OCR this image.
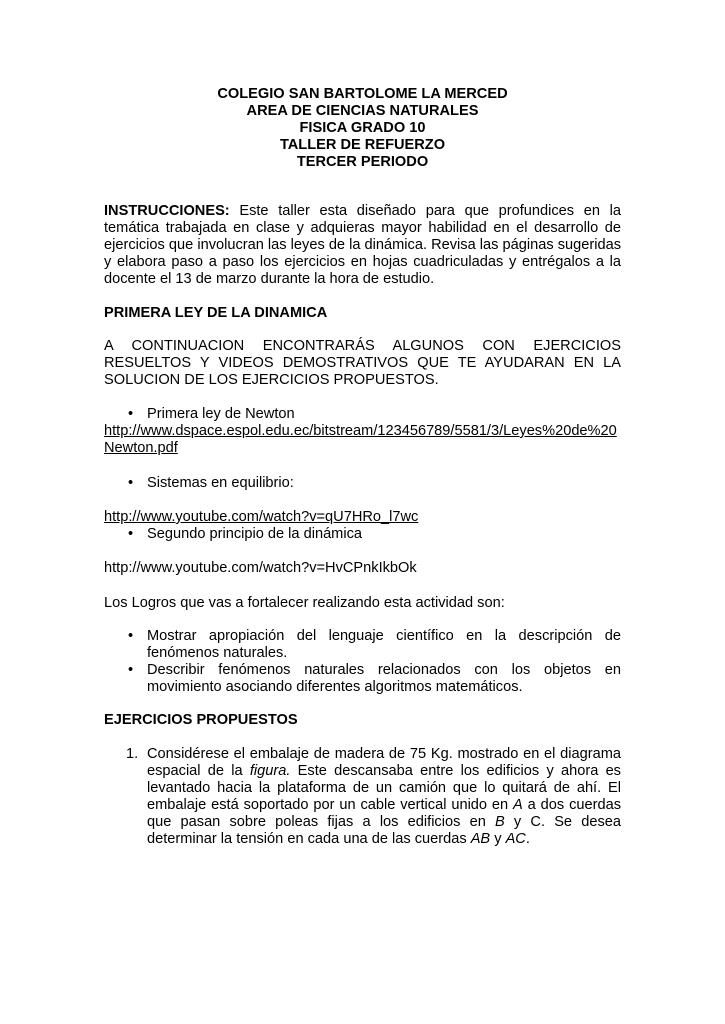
COLEGIO SAN BARTOLOME LA MERCED
AREA DE CIENCIAS NATURALES
FISICA GRADO 10
TALLER DE REFUERZO
TERCER PERIODO
INSTRUCCIONES: Este taller esta diseñado para que profundices en la temática trabajada en clase y adquieras mayor habilidad en el desarrollo de ejercicios que involucran las leyes de la dinámica. Revisa las páginas sugeridas y elabora paso a paso los ejercicios en hojas cuadriculadas y entrégalos a la docente el 13 de marzo durante la hora de estudio.
PRIMERA LEY DE LA DINAMICA
A CONTINUACION ENCONTRARÁS ALGUNOS CON EJERCICIOS RESUELTOS Y VIDEOS DEMOSTRATIVOS QUE TE AYUDARAN EN LA SOLUCION DE LOS EJERCICIOS PROPUESTOS.
• Primera ley de Newton
http://www.dspace.espol.edu.ec/bitstream/123456789/5581/3/Leyes%20de%20Newton.pdf
• Sistemas en equilibrio:
http://www.youtube.com/watch?v=qU7HRo_l7wc
• Segundo principio de la dinámica
http://www.youtube.com/watch?v=HvCPnkIkbOk
Los Logros que vas a fortalecer realizando esta actividad son:
• Mostrar apropiación del lenguaje científico en la descripción de fenómenos naturales.
• Describir fenómenos naturales relacionados con los objetos en movimiento asociando diferentes algoritmos matemáticos.
EJERCICIOS PROPUESTOS
1. Considérese el embalaje de madera de 75 Kg. mostrado en el diagrama espacial de la figura. Este descansaba entre los edificios y ahora es levantado hacia la plataforma de un camión que lo quitará de ahí. El embalaje está soportado por un cable vertical unido en A a dos cuerdas que pasan sobre poleas fijas a los edificios en B y C. Se desea determinar la tensión en cada una de las cuerdas AB y AC.
